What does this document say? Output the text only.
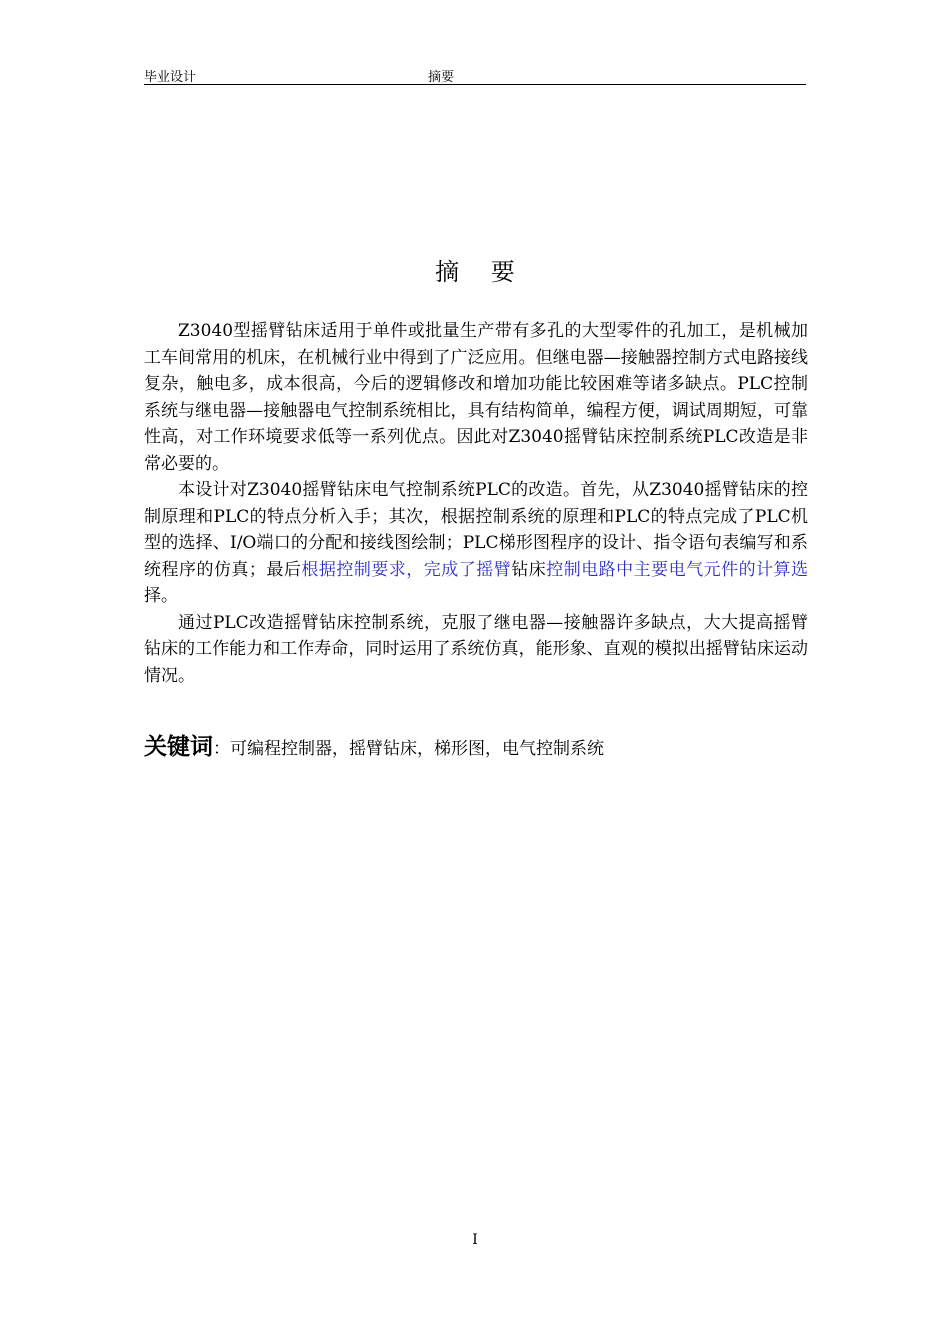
毕业设计	摘要
摘 要

Z3040型摇臂钻床适用于单件或批量生产带有多孔的大型零件的孔加工，是机械加工车间常用的机床，在机械行业中得到了广泛应用。但继电器—接触器控制方式电路接线复杂，触电多，成本很高，今后的逻辑修改和增加功能比较困难等诸多缺点。PLC控制系统与继电器—接触器电气控制系统相比，具有结构简单，编程方便，调试周期短，可靠性高，对工作环境要求低等一系列优点。因此对Z3040摇臂钻床控制系统PLC改造是非常必要的。

本设计对Z3040摇臂钻床电气控制系统PLC的改造。首先，从Z3040摇臂钻床的控制原理和PLC的特点分析入手；其次，根据控制系统的原理和PLC的特点完成了PLC机型的选择、I/O端口的分配和接线图绘制；PLC梯形图程序的设计、指令语句表编写和系统程序的仿真；最后根据控制要求，完成了摇臂钻床控制电路中主要电气元件的计算选择。

通过PLC改造摇臂钻床控制系统，克服了继电器—接触器许多缺点，大大提高摇臂钻床的工作能力和工作寿命，同时运用了系统仿真，能形象、直观的模拟出摇臂钻床运动情况。

关键词：可编程控制器，摇臂钻床，梯形图，电气控制系统
I
